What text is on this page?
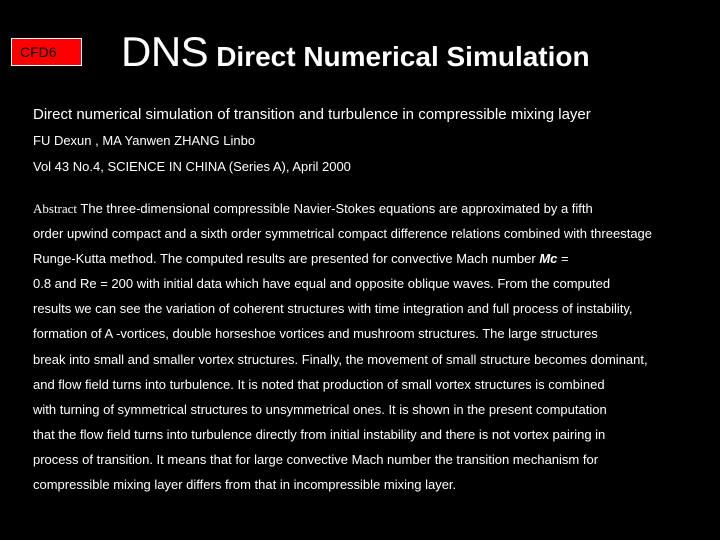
CFD6	DNS Direct Numerical Simulation
Direct numerical simulation of transition and turbulence in compressible mixing layer
FU Dexun , MA Yanwen ZHANG Linbo
Vol 43 No.4, SCIENCE IN CHINA (Series A), April 2000
Abstract The three-dimensional compressible Navier-Stokes equations are approximated by a fifth
order upwind compact and a sixth order symmetrical compact difference relations combined with threestage
Runge-Kutta method. The computed results are presented for convective Mach number Mc =
0.8 and Re = 200 with initial data which have equal and opposite oblique waves. From the computed
results we can see the variation of coherent structures with time integration and full process of instability,
formation of A -vortices, double horseshoe vortices and mushroom structures. The large structures
break into small and smaller vortex structures. Finally, the movement of small structure becomes dominant,
and flow field turns into turbulence. It is noted that production of small vortex structures is combined
with turning of symmetrical structures to unsymmetrical ones. It is shown in the present computation
that the flow field turns into turbulence directly from initial instability and there is not vortex pairing in
process of transition. It means that for large convective Mach number the transition mechanism for
compressible mixing layer differs from that in incompressible mixing layer.
